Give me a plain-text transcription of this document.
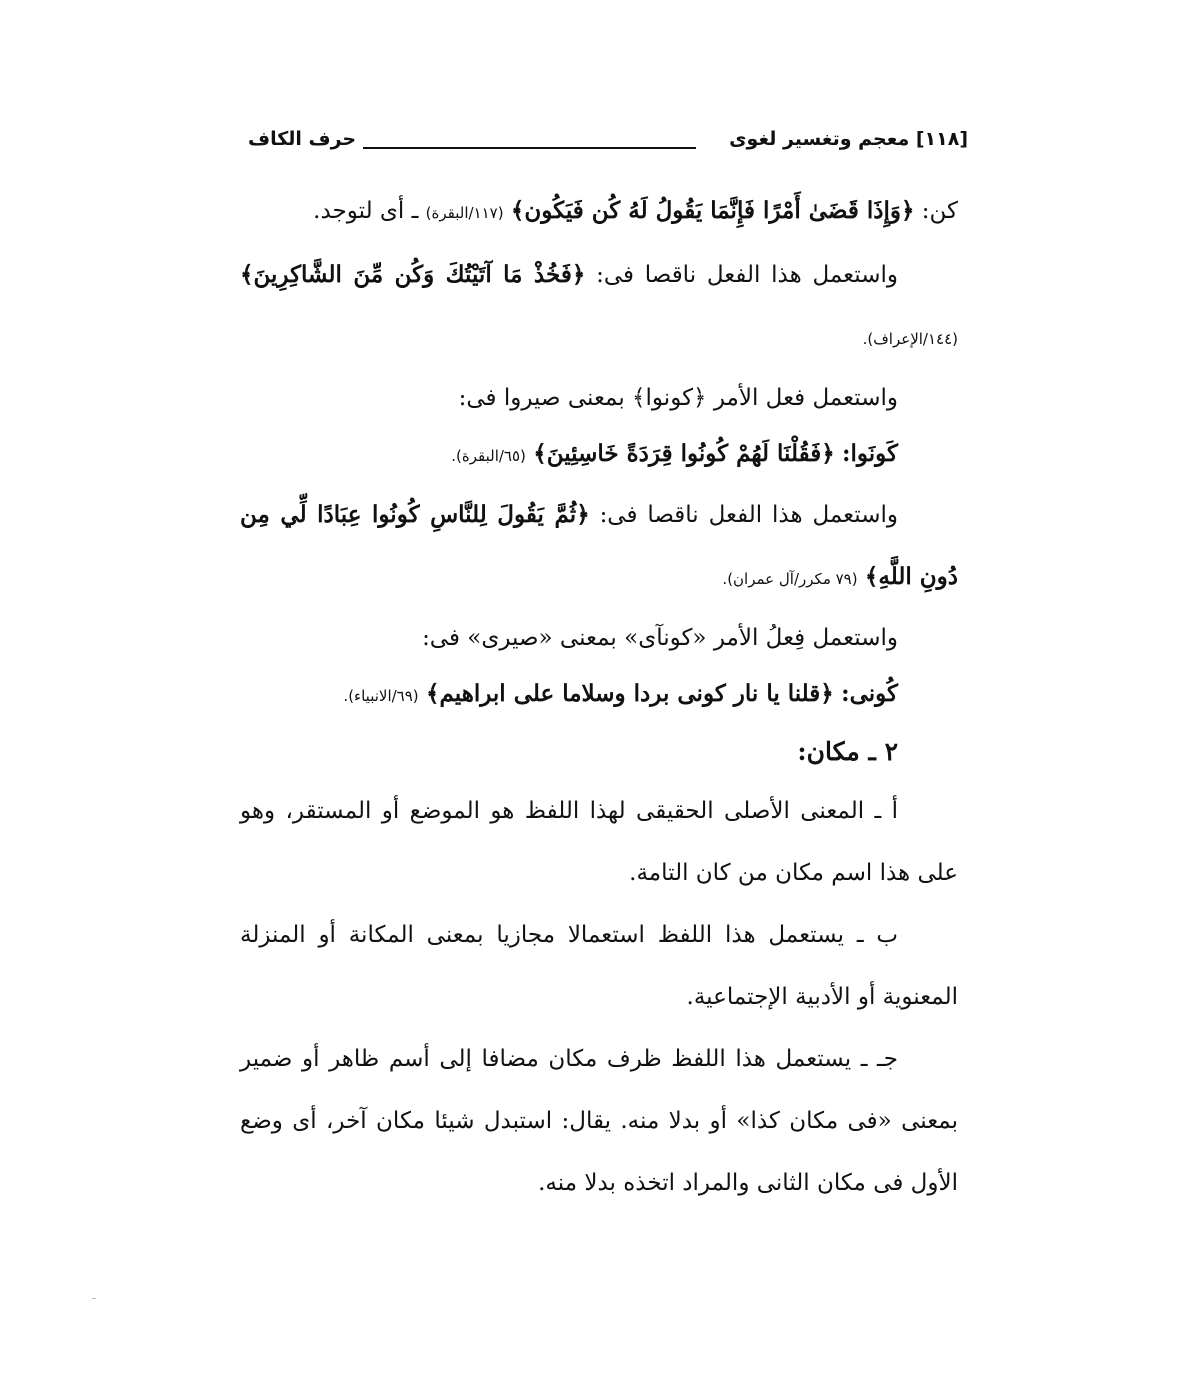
[١١٨] معجم وتغسير لغوى
حرف الكاف

كن: ﴿وَإِذَا قَضَىٰ أَمْرًا فَإِنَّمَا يَقُولُ لَهُ كُن فَيَكُون﴾ (١١٧/البقرة) ـ أى لتوجد.

واستعمل هذا الفعل ناقصا فى: ﴿فَخُذْ مَا آتَيْتُكَ وَكُن مِّنَ الشَّاكِرِينَ﴾ (١٤٤/الإعراف).

واستعمل فعل الأمر ﴿كونوا﴾ بمعنى صيروا فى:

كَونَوا: ﴿فَقُلْنَا لَهُمْ كُونُوا قِرَدَةً خَاسِئِينَ﴾ (٦٥/البقرة).

واستعمل هذا الفعل ناقصا فى: ﴿ثُمَّ يَقُولَ لِلنَّاسِ كُونُوا عِبَادًا لِّي مِن دُونِ اللَّهِ﴾ (٧٩ مكرر/آل عمران).

واستعمل فِعلُ الأمر «كونآى» بمعنى «صيرى» فى:

كُونى: ﴿قلنا يا نار كونى بردا وسلاما على ابراهيم﴾ (٦٩/الانبياء).

٢ ـ مكان:

أ ـ المعنى الأصلى الحقيقى لهذا اللفظ هو الموضع أو المستقر، وهو على هذا اسم مكان من كان التامة.

ب ـ يستعمل هذا اللفظ استعمالا مجازيا بمعنى المكانة أو المنزلة المعنوية أو الأدبية الإجتماعية.

جـ ـ يستعمل هذا اللفظ ظرف مكان مضافا إلى أسم ظاهر أو ضمير بمعنى «فى مكان كذا» أو بدلا منه. يقال: استبدل شيئا مكان آخر، أى وضع الأول فى مكان الثانى والمراد اتخذه بدلا منه.
